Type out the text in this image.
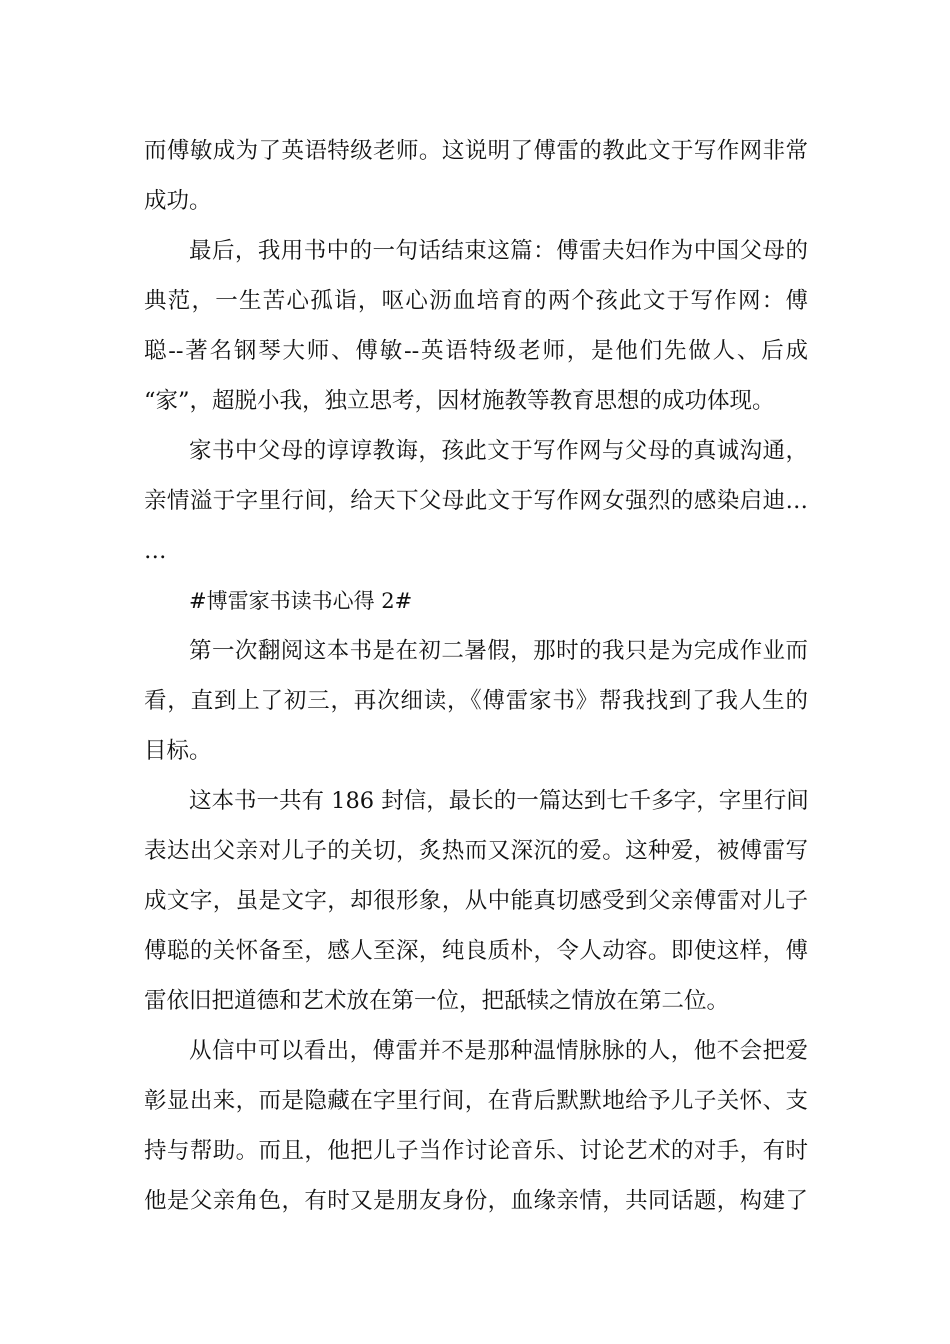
而傅敏成为了英语特级老师。这说明了傅雷的教此文于写作网非常
成功。

最后，我用书中的一句话结束这篇：傅雷夫妇作为中国父母的
典范，一生苦心孤诣，呕心沥血培育的两个孩此文于写作网：傅
聪--著名钢琴大师、傅敏--英语特级老师，是他们先做人、后成
“家”，超脱小我，独立思考，因材施教等教育思想的成功体现。

家书中父母的谆谆教诲，孩此文于写作网与父母的真诚沟通，
亲情溢于字里行间，给天下父母此文于写作网女强烈的感染启迪…
…

#博雷家书读书心得 2#

第一次翻阅这本书是在初二暑假，那时的我只是为完成作业而
看，直到上了初三，再次细读，《傅雷家书》帮我找到了我人生的
目标。

这本书一共有 186 封信，最长的一篇达到七千多字，字里行间
表达出父亲对儿子的关切，炙热而又深沉的爱。这种爱，被傅雷写
成文字，虽是文字，却很形象，从中能真切感受到父亲傅雷对儿子
傅聪的关怀备至，感人至深，纯良质朴，令人动容。即使这样，傅
雷依旧把道德和艺术放在第一位，把舐犊之情放在第二位。

从信中可以看出，傅雷并不是那种温情脉脉的人，他不会把爱
彰显出来，而是隐藏在字里行间，在背后默默地给予儿子关怀、支
持与帮助。而且，他把儿子当作讨论音乐、讨论艺术的对手，有时
他是父亲角色，有时又是朋友身份，血缘亲情，共同话题，构建了
